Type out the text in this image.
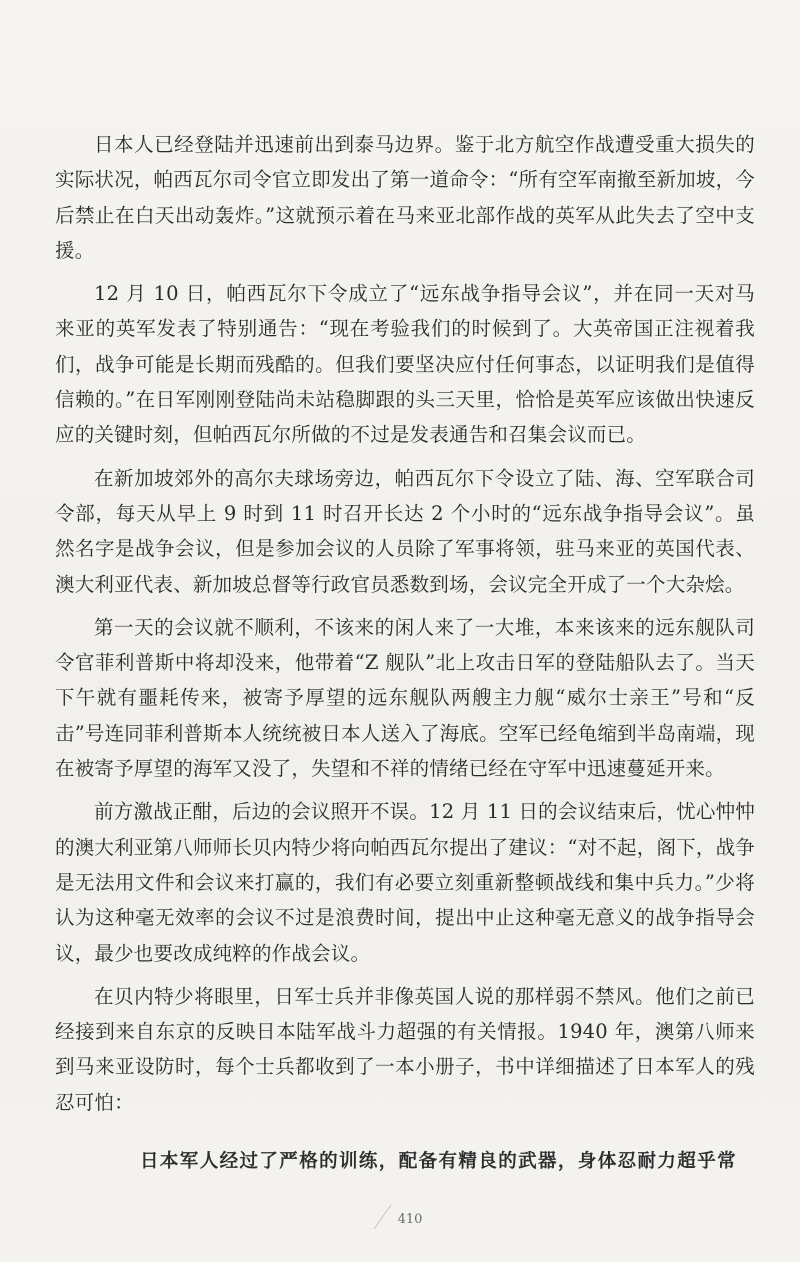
日本人已经登陆并迅速前出到泰马边界。鉴于北方航空作战遭受重大损失的实际状况，帕西瓦尔司令官立即发出了第一道命令：“所有空军南撤至新加坡，今后禁止在白天出动轰炸。”这就预示着在马来亚北部作战的英军从此失去了空中支援。

12 月 10 日，帕西瓦尔下令成立了“远东战争指导会议”，并在同一天对马来亚的英军发表了特别通告：“现在考验我们的时候到了。大英帝国正注视着我们，战争可能是长期而残酷的。但我们要坚决应付任何事态，以证明我们是值得信赖的。”在日军刚刚登陆尚未站稳脚跟的头三天里，恰恰是英军应该做出快速反应的关键时刻，但帕西瓦尔所做的不过是发表通告和召集会议而已。

在新加坡郊外的高尔夫球场旁边，帕西瓦尔下令设立了陆、海、空军联合司令部，每天从早上 9 时到 11 时召开长达 2 个小时的“远东战争指导会议”。虽然名字是战争会议，但是参加会议的人员除了军事将领，驻马来亚的英国代表、澳大利亚代表、新加坡总督等行政官员悉数到场，会议完全开成了一个大杂烩。

第一天的会议就不顺利，不该来的闲人来了一大堆，本来该来的远东舰队司令官菲利普斯中将却没来，他带着“Z 舰队”北上攻击日军的登陆船队去了。当天下午就有噩耗传来，被寄予厚望的远东舰队两艘主力舰“威尔士亲王”号和“反击”号连同菲利普斯本人统统被日本人送入了海底。空军已经龟缩到半岛南端，现在被寄予厚望的海军又没了，失望和不祥的情绪已经在守军中迅速蔓延开来。

前方激战正酣，后边的会议照开不误。12 月 11 日的会议结束后，忧心忡忡的澳大利亚第八师师长贝内特少将向帕西瓦尔提出了建议：“对不起，阁下，战争是无法用文件和会议来打赢的，我们有必要立刻重新整顿战线和集中兵力。”少将认为这种毫无效率的会议不过是浪费时间，提出中止这种毫无意义的战争指导会议，最少也要改成纯粹的作战会议。

在贝内特少将眼里，日军士兵并非像英国人说的那样弱不禁风。他们之前已经接到来自东京的反映日本陆军战斗力超强的有关情报。1940 年，澳第八师来到马来亚设防时，每个士兵都收到了一本小册子，书中详细描述了日本军人的残忍可怕：

日本军人经过了严格的训练，配备有精良的武器，身体忍耐力超乎常
410
